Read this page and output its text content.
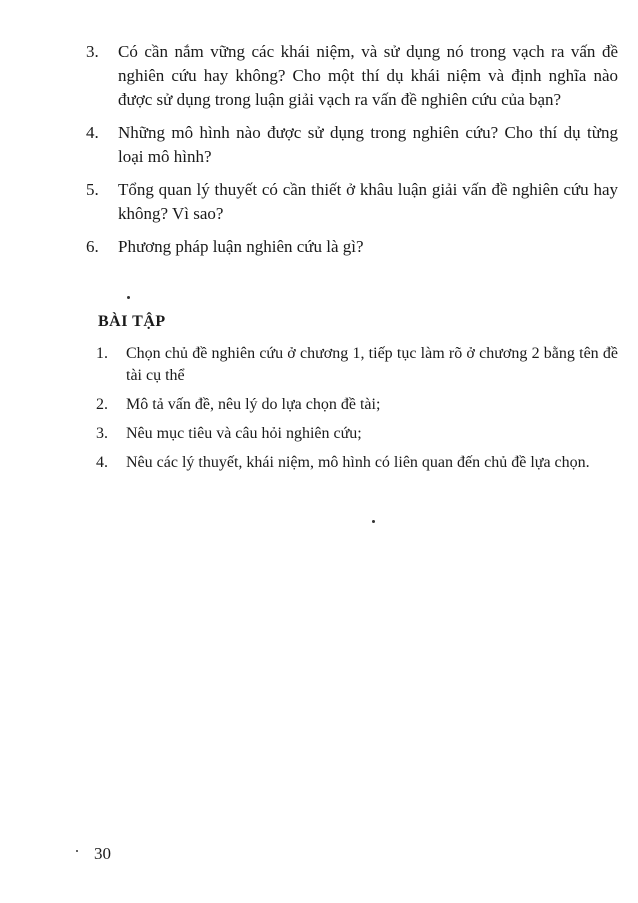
3.	Có cần nắm vững các khái niệm, và sử dụng nó trong vạch ra vấn đề nghiên cứu hay không? Cho một thí dụ khái niệm và định nghĩa nào được sử dụng trong luận giải vạch ra vấn đề nghiên cứu của bạn?
4.	Những mô hình nào được sử dụng trong nghiên cứu? Cho thí dụ từng loại mô hình?
5.	Tổng quan lý thuyết có cần thiết ở khâu luận giải vấn đề nghiên cứu hay không? Vì sao?
6.	Phương pháp luận nghiên cứu là gì?
BÀI TẬP
1.	Chọn chủ đề nghiên cứu ở chương 1, tiếp tục làm rõ ở chương 2 bằng tên đề tài cụ thể
2.	Mô tả vấn đề, nêu lý do lựa chọn đề tài;
3.	Nêu mục tiêu và câu hỏi nghiên cứu;
4.	Nêu các lý thuyết, khái niệm, mô hình có liên quan đến chủ đề lựa chọn.
30
